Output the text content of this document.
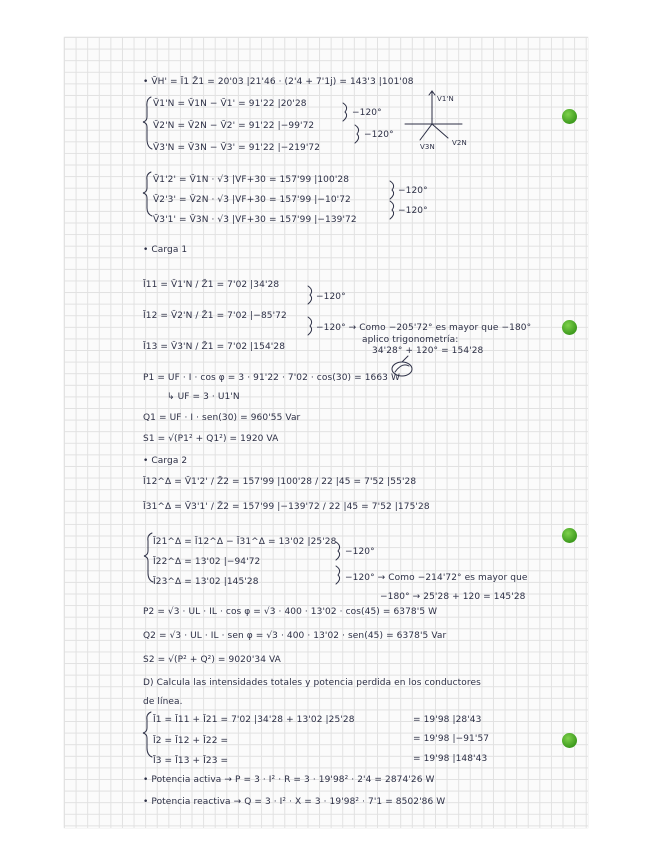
• V̄H' = Ī1 Z̄1 = 20'03 |21'46 · (2'4 + 7'1j) = 143'3 |101'08
V̄1'N = V̄1N − V̄1' = 91'22 |20'28
V̄2'N = V̄2N − V̄2' = 91'22 |−99'72
V̄3'N = V̄3N − V̄3' = 91'22 |−219'72
−120°
−120°
V1'N
V3N V2N
V̄1'2' = V̄1N · √3 |VF+30 = 157'99 |100'28
V̄2'3' = V̄2N · √3 |VF+30 = 157'99 |−10'72
V̄3'1' = V̄3N · √3 |VF+30 = 157'99 |−139'72
−120°
−120°
• Carga 1
Ī11 = V̄1'N / Z̄1 = 7'02 |34'28
Ī12 = V̄2'N / Z̄1 = 7'02 |−85'72
Ī13 = V̄3'N / Z̄1 = 7'02 |154'28
−120°
−120° → Como −205'72° es mayor que −180°
aplico trigonometría:
34'28° + 120° = 154'28
P1 = UF · I · cos φ = 3 · 91'22 · 7'02 · cos(30) = 1663 W
↳ UF = 3 · U1'N
Q1 = UF · I · sen(30) = 960'55 Var
S1 = √(P1² + Q1²) = 1920 VA
• Carga 2
Ī12^Δ = V̄1'2' / Z̄2 = 157'99 |100'28 / 22 |45 = 7'52 |55'28
Ī31^Δ = V̄3'1' / Z̄2 = 157'99 |−139'72 / 22 |45 = 7'52 |175'28
Ī21^Δ = Ī12^Δ − Ī31^Δ = 13'02 |25'28
Ī22^Δ = 13'02 |−94'72
Ī23^Δ = 13'02 |145'28
−120°
−120° → Como −214'72° es mayor que
−180° → 25'28 + 120 = 145'28
P2 = √3 · UL · IL · cos φ = √3 · 400 · 13'02 · cos(45) = 6378'5 W
Q2 = √3 · UL · IL · sen φ = √3 · 400 · 13'02 · sen(45) = 6378'5 Var
S2 = √(P² + Q²) = 9020'34 VA
D) Calcula las intensidades totales y potencia perdida en los conductores
de línea.
Ī1 = Ī11 + Ī21 = 7'02 |34'28 + 13'02 |25'28	= 19'98 |28'43
Ī2 = Ī12 + Ī22 =	= 19'98 |−91'57
Ī3 = Ī13 + Ī23 =	= 19'98 |148'43
• Potencia activa → P = 3 · I² · R = 3 · 19'98² · 2'4 = 2874'26 W
• Potencia reactiva → Q = 3 · I² · X = 3 · 19'98² · 7'1 = 8502'86 W
